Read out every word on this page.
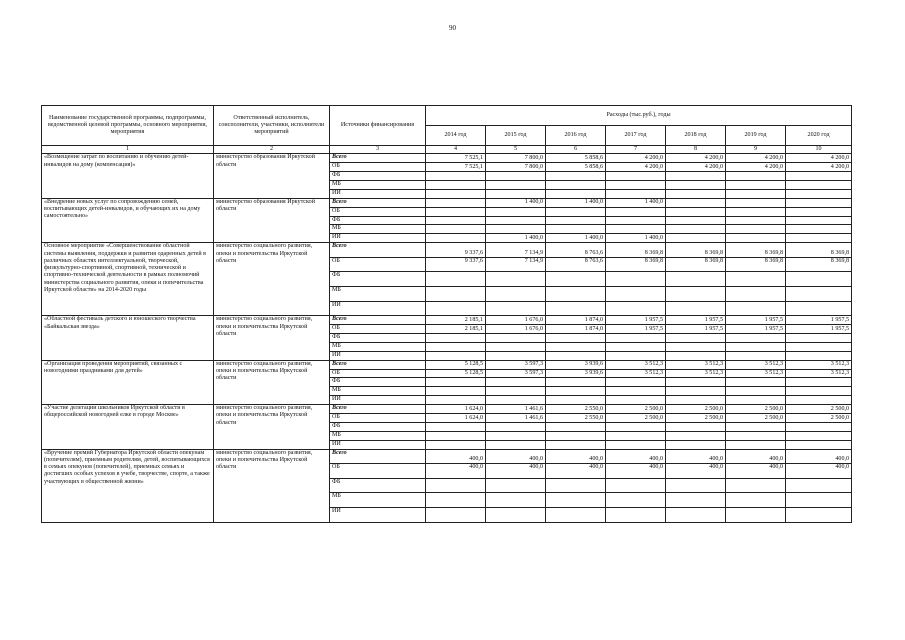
90
Наименование государственной программы, подпрограммы, ведомственной целевой программы, основного мероприятия, мероприятия	Ответственный исполнитель, соисполнители, участники, исполнители мероприятий	Источники финансирования	Расходы (тыс.руб.), годы						
			2014 год	2015 год	2016 год	2017 год	2018 год	2019 год	2020 год
1	2	3	4	5	6	7	8	9	10
«Возмещение затрат по воспитанию и обучению детей-инвалидов на дому (компенсация)»	министерство образования Иркутской области	Всего	7 525,1	7 800,0	5 858,6	4 200,0	4 200,0	4 200,0	4 200,0
		ОБ	7 525,1	7 800,0	5 858,6	4 200,0	4 200,0	4 200,0	4 200,0
		ФБ							
		МБ							
		ИИ							
«Внедрение новых услуг по сопровождению семей, воспитывающих детей-инвалидов, и обучающих их на дому самостоятельно»	министерство образования Иркутской области	Всего		1 400,0	1 400,0	1 400,0			
		ОБ							
		ФБ							
		МБ							
		ИИ		1 400,0	1 400,0	1 400,0			
Основное мероприятие «Совершенствование областной системы выявления, поддержки и развития одаренных детей в различных областях интеллектуальной, творческой, физкультурно-спортивной, спортивной, технической и спортивно-технической деятельности в рамках полномочий министерства социального развития, опеки и попечительства Иркутской области» на 2014-2020 годы	министерство социального развития, опеки и попечительства Иркутской области	Всего	9 337,6	7 134,9	8 763,6	8 369,8	8 369,8	8 369,8	8 369,8
		ОБ	9 337,6	7 134,9	8 763,6	8 369,8	8 369,8	8 369,8	8 369,8
		ФБ							
		МБ							
		ИИ							
«Областной фестиваль детского и юношеского творчества «Байкальская звезда»	министерство социального развития, опеки и попечительства Иркутской области	Всего	2 185,1	1 676,0	1 874,0	1 957,5	1 957,5	1 957,5	1 957,5
		ОБ	2 185,1	1 676,0	1 874,0	1 957,5	1 957,5	1 957,5	1 957,5
		ФБ							
		МБ							
		ИИ							
«Организация проведения мероприятий, связанных с новогодними праздниками для детей»	министерство социального развития, опеки и попечительства Иркутской области	Всего	5 128,5	3 597,3	3 939,6	3 512,3	3 512,3	3 512,3	3 512,3
		ОБ	5 128,5	3 597,3	3 939,6	3 512,3	3 512,3	3 512,3	3 512,3
		ФБ							
		МБ							
		ИИ							
«Участие делегации школьников Иркутской области в общероссийской новогодней елке в городе Москве»	министерство социального развития, опеки и попечительства Иркутской области	Всего	1 624,0	1 461,6	2 550,0	2 500,0	2 500,0	2 500,0	2 500,0
		ОБ	1 624,0	1 461,6	2 550,0	2 500,0	2 500,0	2 500,0	2 500,0
		ФБ							
		МБ							
		ИИ							
«Вручение премий Губернатора Иркутской области опекунам (попечителям), приемным родителям, детей, воспитывающихся в семьях опекунов (попечителей), приемных семьях и достигших особых успехов в учебе, творчестве, спорте, а также участвующих в общественной жизни»	министерство социального развития, опеки и попечительства Иркутской области	Всего	400,0	400,0	400,0	400,0	400,0	400,0	400,0
		ОБ	400,0	400,0	400,0	400,0	400,0	400,0	400,0
		ФБ							
		МБ							
		ИИ							
